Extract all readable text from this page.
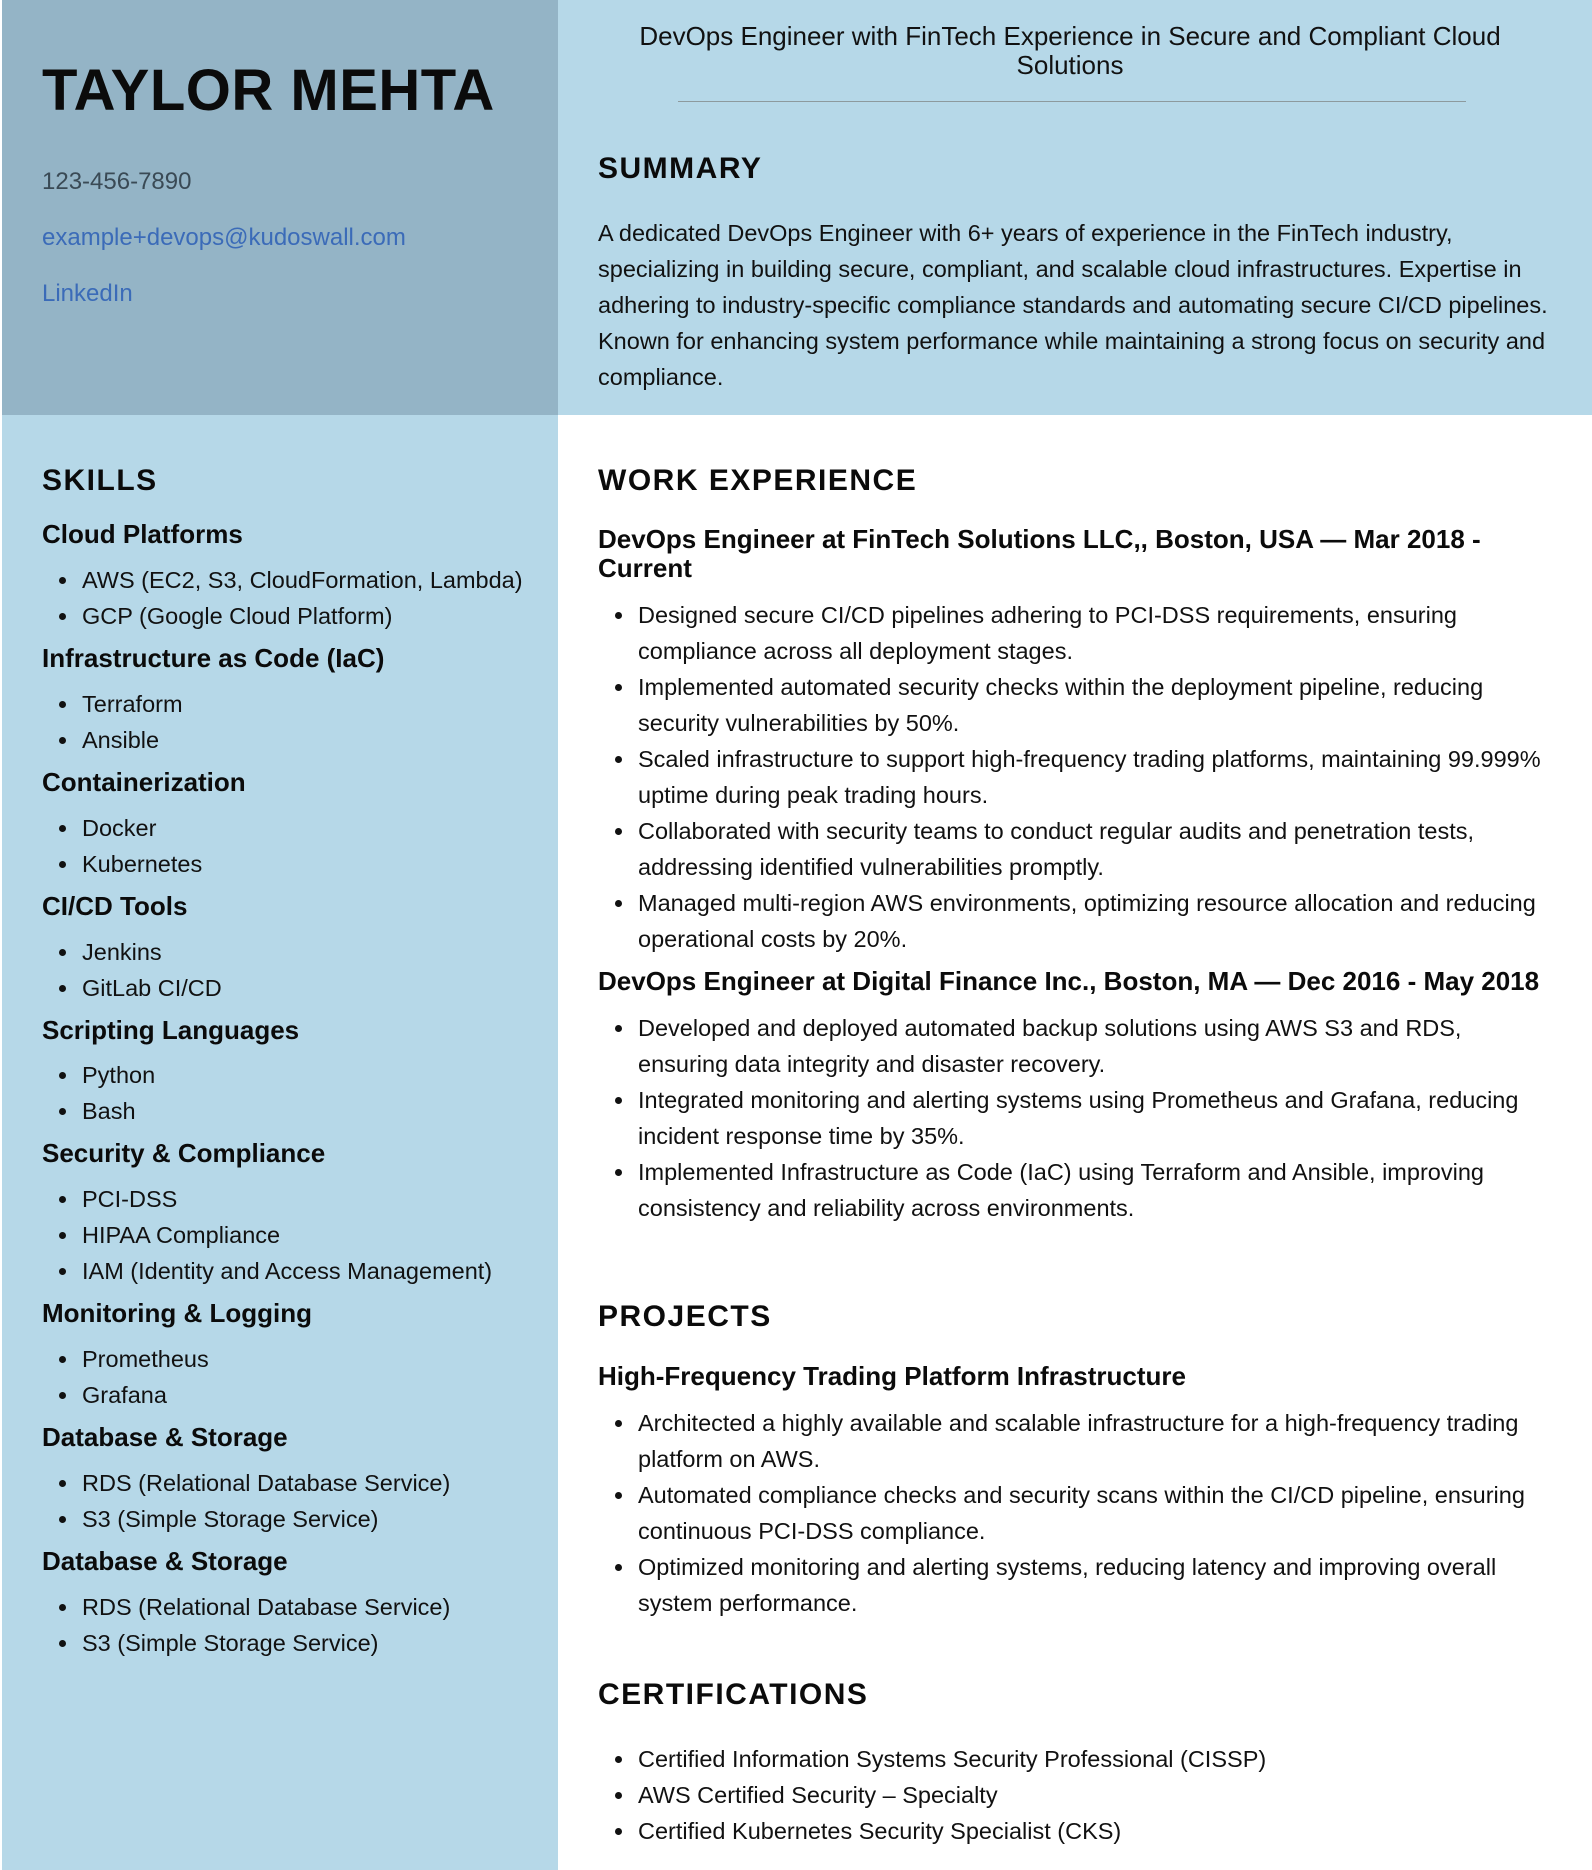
TAYLOR MEHTA
123-456-7890
example+devops@kudoswall.com
LinkedIn
DevOps Engineer with FinTech Experience in Secure and Compliant Cloud Solutions
SUMMARY
A dedicated DevOps Engineer with 6+ years of experience in the FinTech industry, specializing in building secure, compliant, and scalable cloud infrastructures. Expertise in adhering to industry-specific compliance standards and automating secure CI/CD pipelines. Known for enhancing system performance while maintaining a strong focus on security and compliance.
SKILLS
Cloud Platforms
AWS (EC2, S3, CloudFormation, Lambda)
GCP (Google Cloud Platform)
Infrastructure as Code (IaC)
Terraform
Ansible
Containerization
Docker
Kubernetes
CI/CD Tools
Jenkins
GitLab CI/CD
Scripting Languages
Python
Bash
Security & Compliance
PCI-DSS
HIPAA Compliance
IAM (Identity and Access Management)
Monitoring & Logging
Prometheus
Grafana
Database & Storage
RDS (Relational Database Service)
S3 (Simple Storage Service)
Database & Storage
RDS (Relational Database Service)
S3 (Simple Storage Service)
WORK EXPERIENCE
DevOps Engineer at FinTech Solutions LLC,, Boston, USA — Mar 2018 - Current
Designed secure CI/CD pipelines adhering to PCI-DSS requirements, ensuring compliance across all deployment stages.
Implemented automated security checks within the deployment pipeline, reducing security vulnerabilities by 50%.
Scaled infrastructure to support high-frequency trading platforms, maintaining 99.999% uptime during peak trading hours.
Collaborated with security teams to conduct regular audits and penetration tests, addressing identified vulnerabilities promptly.
Managed multi-region AWS environments, optimizing resource allocation and reducing operational costs by 20%.
DevOps Engineer at Digital Finance Inc., Boston, MA — Dec 2016 - May 2018
Developed and deployed automated backup solutions using AWS S3 and RDS, ensuring data integrity and disaster recovery.
Integrated monitoring and alerting systems using Prometheus and Grafana, reducing incident response time by 35%.
Implemented Infrastructure as Code (IaC) using Terraform and Ansible, improving consistency and reliability across environments.
PROJECTS
High-Frequency Trading Platform Infrastructure
Architected a highly available and scalable infrastructure for a high-frequency trading platform on AWS.
Automated compliance checks and security scans within the CI/CD pipeline, ensuring continuous PCI-DSS compliance.
Optimized monitoring and alerting systems, reducing latency and improving overall system performance.
CERTIFICATIONS
Certified Information Systems Security Professional (CISSP)
AWS Certified Security – Specialty
Certified Kubernetes Security Specialist (CKS)
